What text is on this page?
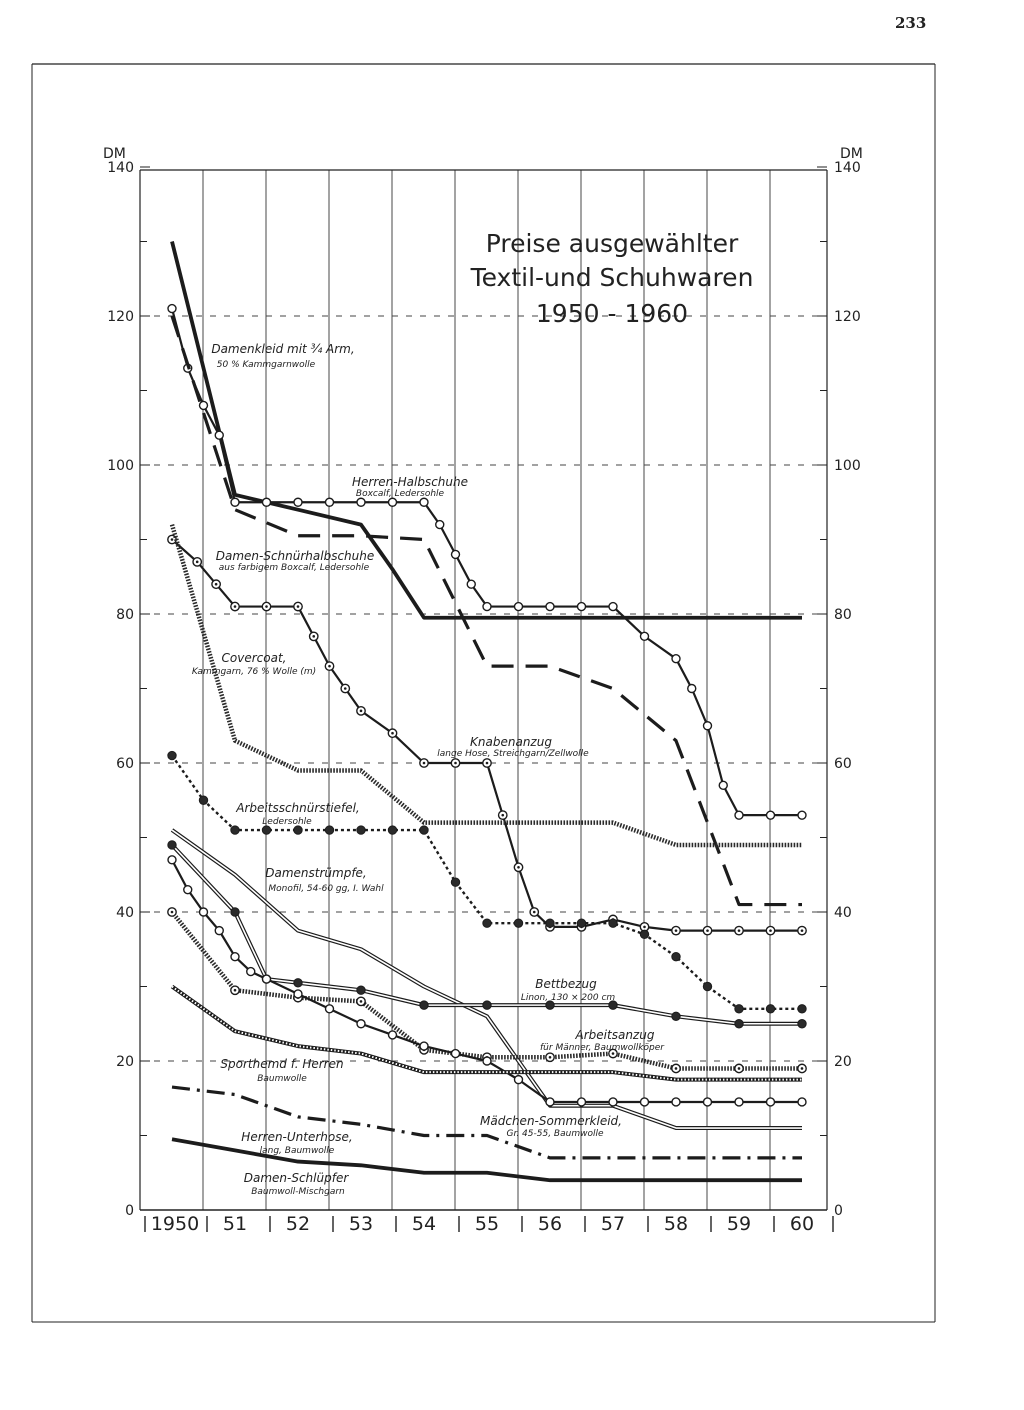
233
0
20
40
60
80
100
120
140
0
20
40
60
80
100
120
140
1950 51 52 53 54 55 56 57 58 59 60
Damenkleid mit ¾ Arm,
50 % Kammgarnwolle
Herren-Halbschuhe
Boxcalf, Ledersohle
Damen-Schnürhalbschuhe
aus farbigem Boxcalf, Ledersohle
Covercoat,
Kammgarn, 76 % Wolle (m)
Knabenanzug
lange Hose, Streichgarn/Zellwolle
Arbeitsschnürstiefel,
Ledersohle
Damenstrümpfe,
Monofil, 54-60 gg, I. Wahl
Bettbezug
Linon, 130 × 200 cm
Arbeitsanzug
für Männer, Baumwollköper
Mädchen-Sommerkleid,
Gr. 45-55, Baumwolle
Sporthemd f. Herren
Baumwolle
Herren-Unterhose,
lang, Baumwolle
Damen-Schlüpfer
Baumwoll-Mischgarn
DM	DM
Preise ausgewählter
Textil-und Schuhwaren
1950 - 1960
